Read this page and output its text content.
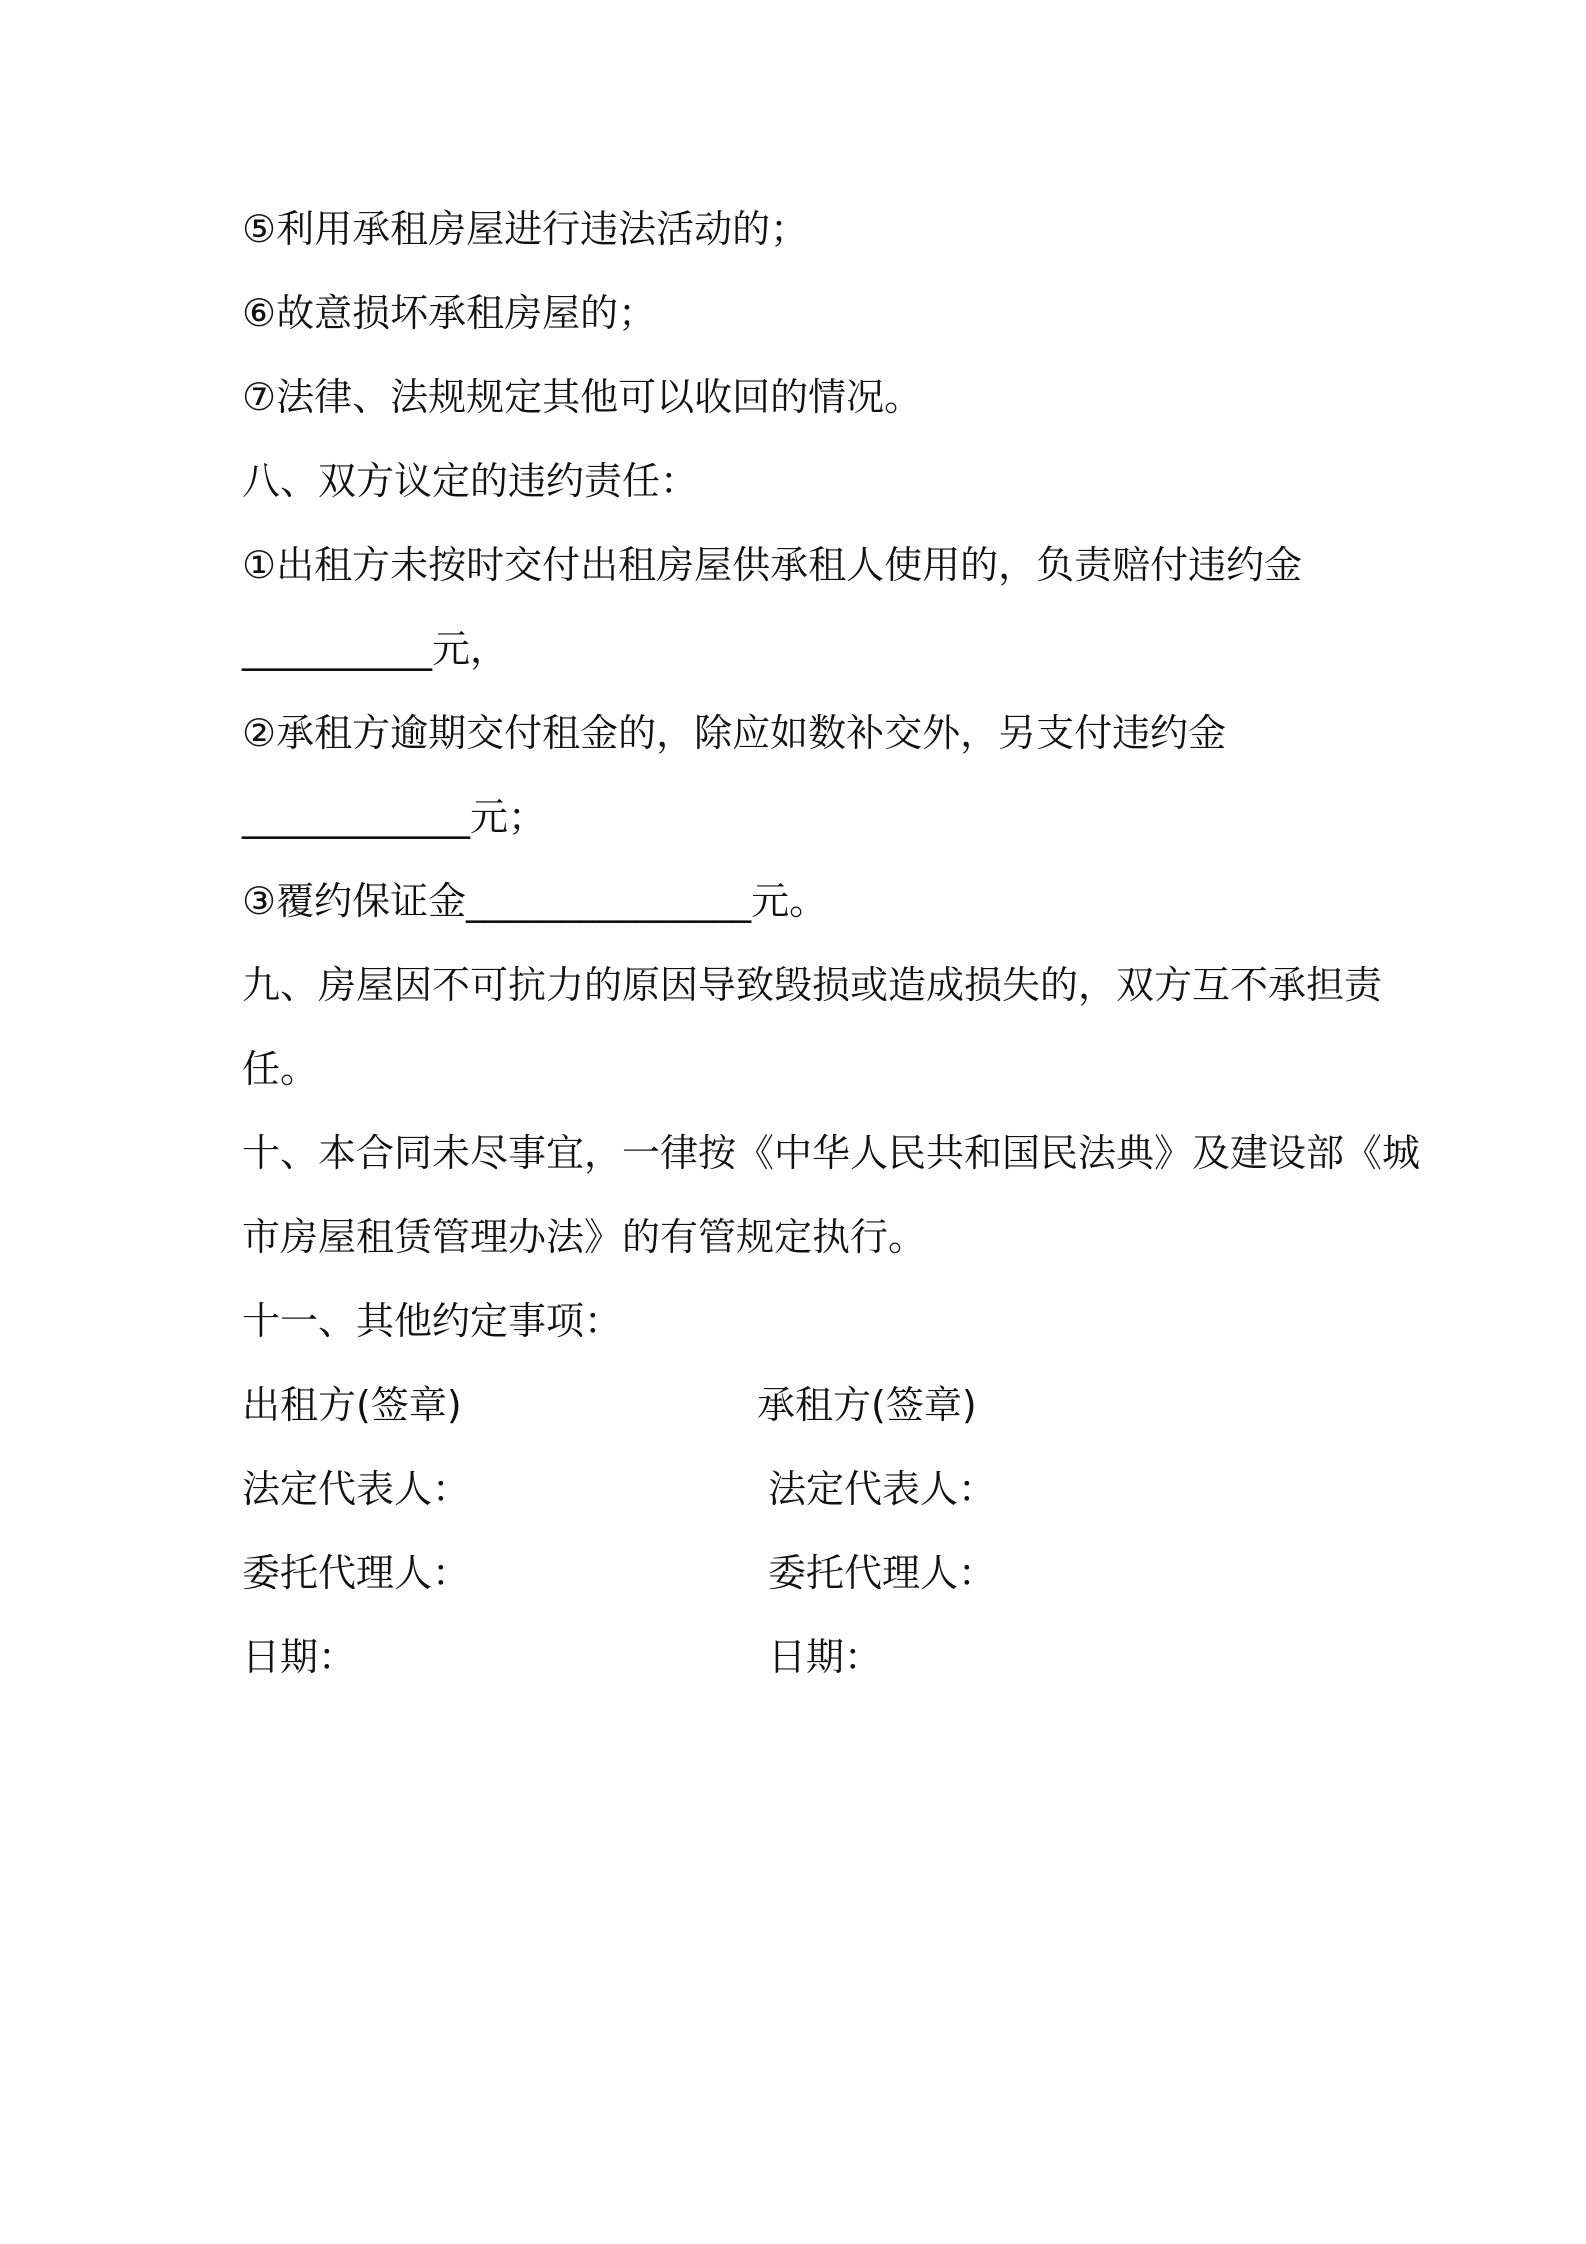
⑤利用承租房屋进行违法活动的；
⑥故意损坏承租房屋的；
⑦法律、法规规定其他可以收回的情况。
八、双方议定的违约责任：
①出租方未按时交付出租房屋供承租人使用的，负责赔付违约金
__________元，
②承租方逾期交付租金的，除应如数补交外，另支付违约金
____________元；
③覆约保证金_______________元。
九、房屋因不可抗力的原因导致毁损或造成损失的，双方互不承担责
任。
十、本合同未尽事宜，一律按《中华人民共和国民法典》及建设部《城
市房屋租赁管理办法》的有管规定执行。
十一、其他约定事项：
出租方(签章)	承租方(签章)
法定代表人：	法定代表人：
委托代理人：	委托代理人：
日期：	日期：
